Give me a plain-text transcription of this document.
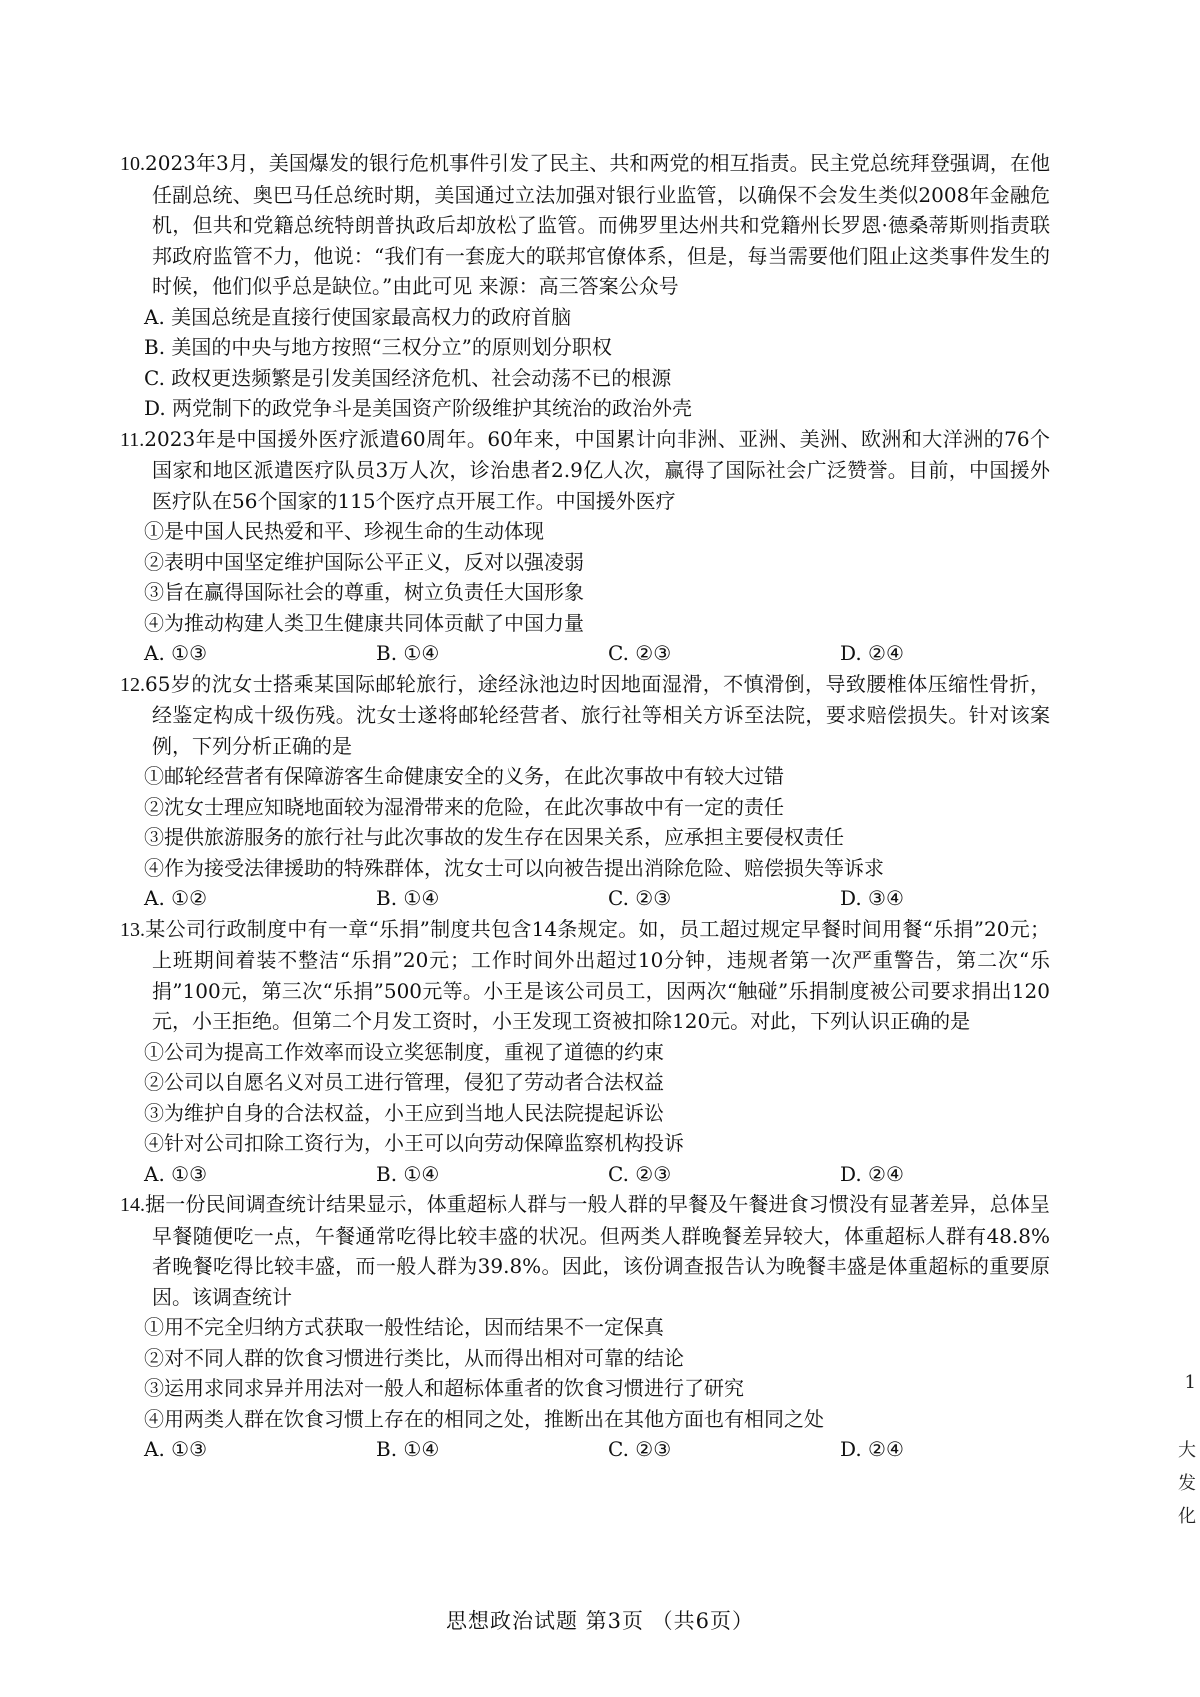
10.2023年3月，美国爆发的银行危机事件引发了民主、共和两党的相互指责。民主党总统拜登强调，在他任副总统、奥巴马任总统时期，美国通过立法加强对银行业监管，以确保不会发生类似2008年金融危机，但共和党籍总统特朗普执政后却放松了监管。而佛罗里达州共和党籍州长罗恩·德桑蒂斯则指责联邦政府监管不力，他说：“我们有一套庞大的联邦官僚体系，但是，每当需要他们阻止这类事件发生的时候，他们似乎总是缺位。”由此可见 来源：高三答案公众号

A. 美国总统是直接行使国家最高权力的政府首脑

B. 美国的中央与地方按照“三权分立”的原则划分职权

C. 政权更迭频繁是引发美国经济危机、社会动荡不已的根源

D. 两党制下的政党争斗是美国资产阶级维护其统治的政治外壳

11.2023年是中国援外医疗派遣60周年。60年来，中国累计向非洲、亚洲、美洲、欧洲和大洋洲的76个国家和地区派遣医疗队员3万人次，诊治患者2.9亿人次，赢得了国际社会广泛赞誉。目前，中国援外医疗队在56个国家的115个医疗点开展工作。中国援外医疗

①是中国人民热爱和平、珍视生命的生动体现

②表明中国坚定维护国际公平正义，反对以强凌弱

③旨在赢得国际社会的尊重，树立负责任大国形象

④为推动构建人类卫生健康共同体贡献了中国力量

A. ①③	B. ①④	C. ②③	D. ②④

12.65岁的沈女士搭乘某国际邮轮旅行，途经泳池边时因地面湿滑，不慎滑倒，导致腰椎体压缩性骨折，经鉴定构成十级伤残。沈女士遂将邮轮经营者、旅行社等相关方诉至法院，要求赔偿损失。针对该案例，下列分析正确的是

①邮轮经营者有保障游客生命健康安全的义务，在此次事故中有较大过错

②沈女士理应知晓地面较为湿滑带来的危险，在此次事故中有一定的责任

③提供旅游服务的旅行社与此次事故的发生存在因果关系，应承担主要侵权责任

④作为接受法律援助的特殊群体，沈女士可以向被告提出消除危险、赔偿损失等诉求

A. ①②	B. ①④	C. ②③	D. ③④

13.某公司行政制度中有一章“乐捐”制度共包含14条规定。如，员工超过规定早餐时间用餐“乐捐”20元；上班期间着装不整洁“乐捐”20元；工作时间外出超过10分钟，违规者第一次严重警告，第二次“乐捐”100元，第三次“乐捐”500元等。小王是该公司员工，因两次“触碰”乐捐制度被公司要求捐出120元，小王拒绝。但第二个月发工资时，小王发现工资被扣除120元。对此，下列认识正确的是

①公司为提高工作效率而设立奖惩制度，重视了道德的约束

②公司以自愿名义对员工进行管理，侵犯了劳动者合法权益

③为维护自身的合法权益，小王应到当地人民法院提起诉讼

④针对公司扣除工资行为，小王可以向劳动保障监察机构投诉

A. ①③	B. ①④	C. ②③	D. ②④

14.据一份民间调查统计结果显示，体重超标人群与一般人群的早餐及午餐进食习惯没有显著差异，总体呈早餐随便吃一点，午餐通常吃得比较丰盛的状况。但两类人群晚餐差异较大，体重超标人群有48.8%者晚餐吃得比较丰盛，而一般人群为39.8%。因此，该份调查报告认为晚餐丰盛是体重超标的重要原因。该调查统计

①用不完全归纳方式获取一般性结论，因而结果不一定保真

②对不同人群的饮食习惯进行类比，从而得出相对可靠的结论

③运用求同求异并用法对一般人和超标体重者的饮食习惯进行了研究

④用两类人群在饮食习惯上存在的相同之处，推断出在其他方面也有相同之处

A. ①③	B. ①④	C. ②③	D. ②④
1
大
发
化
思想政治试题 第3页 （共6页）
